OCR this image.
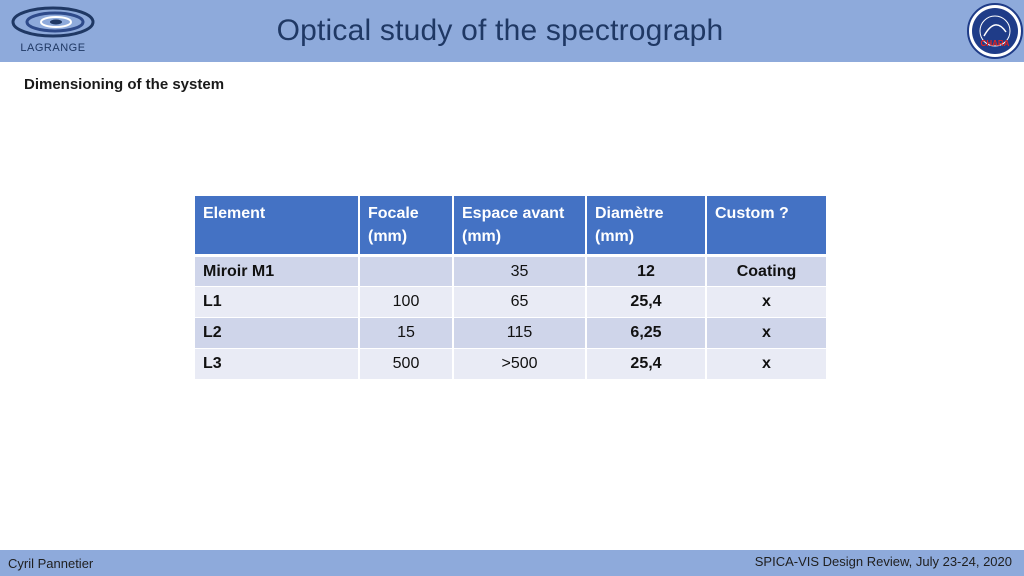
LAGRANGE
Optical study of the spectrograph	CHARA
Dimensioning of the system
Element	Focale (mm)	Espace avant (mm)	Diamètre (mm)	Custom ?
Miroir M1		35	12	Coating
L1	100	65	25,4	x
L2	15	115	6,25	x
L3	500	>500	25,4	x
Cyril Pannetier	SPICA-VIS Design Review, July 23-24, 2020
